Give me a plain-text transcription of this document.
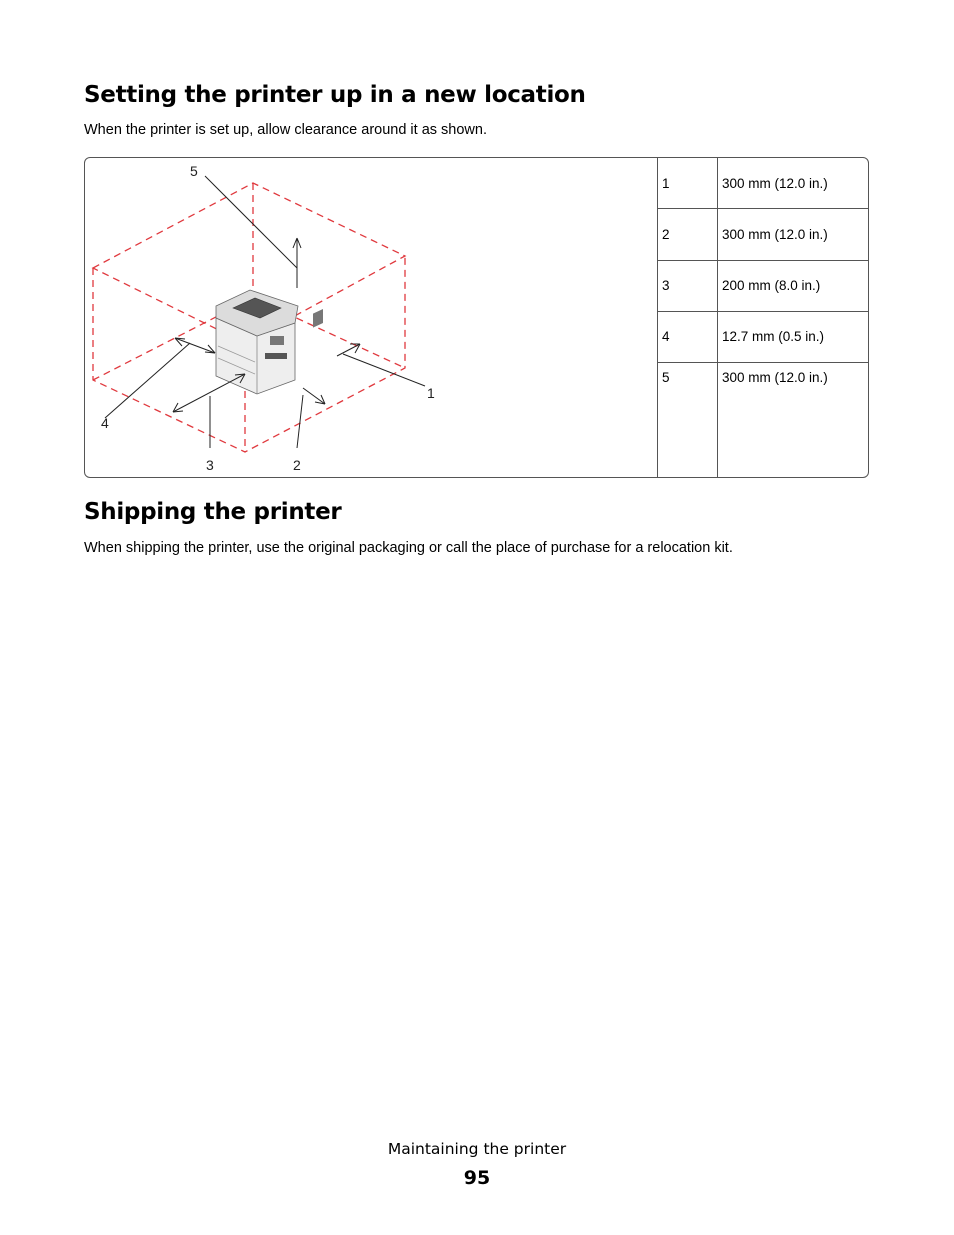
Setting the printer up in a new location

When the printer is set up, allow clearance around it as shown.

1
2
3
4
5
1	300 mm (12.0 in.)
2	300 mm (12.0 in.)
3	200 mm (8.0 in.)
4	12.7 mm (0.5 in.)
5	300 mm (12.0 in.)
Shipping the printer

When shipping the printer, use the original packaging or call the place of purchase for a relocation kit.

Maintaining the printer

95
